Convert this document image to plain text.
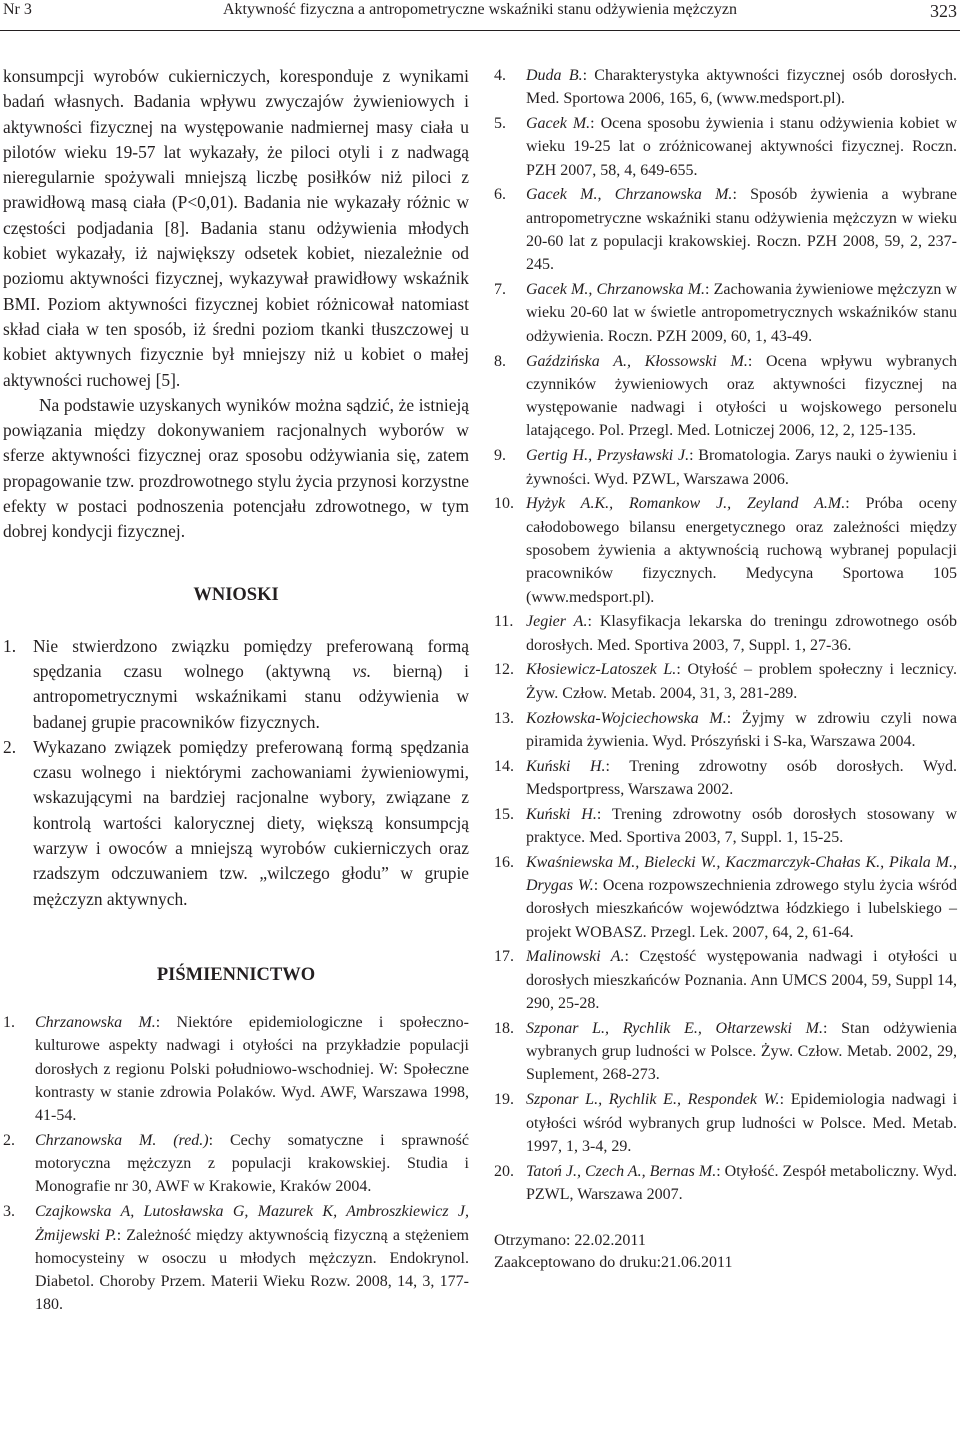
Nr 3	Aktywność fizyczna a antropometryczne wskaźniki stanu odżywienia mężczyzn	323

konsumpcji wyrobów cukierniczych, koresponduje z wynikami badań własnych. Badania wpływu zwyczajów żywieniowych i aktywności fizycznej na występowanie nadmiernej masy ciała u pilotów wieku 19-57 lat wykazały, że piloci otyli i z nadwagą nieregularnie spożywali mniejszą liczbę posiłków niż piloci z prawidłową masą ciała (P<0,01). Badania nie wykazały różnic w częstości podjadania [8]. Badania stanu odżywienia młodych kobiet wykazały, iż największy odsetek kobiet, niezależnie od poziomu aktywności fizycznej, wykazywał prawidłowy wskaźnik BMI. Poziom aktywności fizycznej kobiet różnicował natomiast skład ciała w ten sposób, iż średni poziom tkanki tłuszczowej u kobiet aktywnych fizycznie był mniejszy niż u kobiet o małej aktywności ruchowej [5].

Na podstawie uzyskanych wyników można sądzić, że istnieją powiązania między dokonywaniem racjonalnych wyborów w sferze aktywności fizycznej oraz sposobu odżywiania się, zatem propagowanie tzw. prozdrowotnego stylu życia przynosi korzystne efekty w postaci podnoszenia potencjału zdrowotnego, w tym dobrej kondycji fizycznej.

WNIOSKI
1. Nie stwierdzono związku pomiędzy preferowaną formą spędzania czasu wolnego (aktywną vs. bierną) i antropometrycznymi wskaźnikami stanu odżywienia w badanej grupie pracowników fizycznych.
2. Wykazano związek pomiędzy preferowaną formą spędzania czasu wolnego i niektórymi zachowaniami żywieniowymi, wskazującymi na bardziej racjonalne wybory, związane z kontrolą wartości kalorycznej diety, większą konsumpcją warzyw i owoców a mniejszą wyrobów cukierniczych oraz rzadszym odczuwaniem tzw. „wilczego głodu” w grupie mężczyzn aktywnych.
PIŚMIENNICTWO
1. Chrzanowska M.: Niektóre epidemiologiczne i społeczno-kulturowe aspekty nadwagi i otyłości na przykładzie populacji dorosłych z regionu Polski południowo-wschodniej. W: Społeczne kontrasty w stanie zdrowia Polaków. Wyd. AWF, Warszawa 1998, 41-54.
2. Chrzanowska M. (red.): Cechy somatyczne i sprawność motoryczna mężczyzn z populacji krakowskiej. Studia i Monografie nr 30, AWF w Krakowie, Kraków 2004.
3. Czajkowska A, Lutosławska G, Mazurek K, Ambroszkiewicz J, Żmijewski P.: Zależność między aktywnością fizyczną a stężeniem homocysteiny w osoczu u młodych mężczyzn. Endokrynol. Diabetol. Choroby Przem. Materii Wieku Rozw. 2008, 14, 3, 177-180.
4. Duda B.: Charakterystyka aktywności fizycznej osób dorosłych. Med. Sportowa 2006, 165, 6, (www.medsport.pl).
5. Gacek M.: Ocena sposobu żywienia i stanu odżywienia kobiet w wieku 19-25 lat o zróżnicowanej aktywności fizycznej. Roczn. PZH 2007, 58, 4, 649-655.
6. Gacek M., Chrzanowska M.: Sposób żywienia a wybrane antropometryczne wskaźniki stanu odżywienia mężczyzn w wieku 20-60 lat z populacji krakowskiej. Roczn. PZH 2008, 59, 2, 237-245.
7. Gacek M., Chrzanowska M.: Zachowania żywieniowe mężczyzn w wieku 20-60 lat w świetle antropometrycznych wskaźników stanu odżywienia. Roczn. PZH 2009, 60, 1, 43-49.
8. Gaździńska A., Kłossowski M.: Ocena wpływu wybranych czynników żywieniowych oraz aktywności fizycznej na występowanie nadwagi i otyłości u wojskowego personelu latającego. Pol. Przegl. Med. Lotniczej 2006, 12, 2, 125-135.
9. Gertig H., Przysławski J.: Bromatologia. Zarys nauki o żywieniu i żywności. Wyd. PZWL, Warszawa 2006.
10. Hyżyk A.K., Romankow J., Zeyland A.M.: Próba oceny całodobowego bilansu energetycznego oraz zależności między sposobem żywienia a aktywnością ruchową wybranej populacji pracowników fizycznych. Medycyna Sportowa 105 (www.medsport.pl).
11. Jegier A.: Klasyfikacja lekarska do treningu zdrowotnego osób dorosłych. Med. Sportiva 2003, 7, Suppl. 1, 27-36.
12. Kłosiewicz-Latoszek L.: Otyłość – problem społeczny i lecznicy. Żyw. Człow. Metab. 2004, 31, 3, 281-289.
13. Kozłowska-Wojciechowska M.: Żyjmy w zdrowiu czyli nowa piramida żywienia. Wyd. Prószyński i S-ka, Warszawa 2004.
14. Kuński H.: Trening zdrowotny osób dorosłych. Wyd. Medsportpress, Warszawa 2002.
15. Kuński H.: Trening zdrowotny osób dorosłych stosowany w praktyce. Med. Sportiva 2003, 7, Suppl. 1, 15-25.
16. Kwaśniewska M., Bielecki W., Kaczmarczyk-Chałas K., Pikala M., Drygas W.: Ocena rozpowszechnienia zdrowego stylu życia wśród dorosłych mieszkańców województwa łódzkiego i lubelskiego – projekt WOBASZ. Przegl. Lek. 2007, 64, 2, 61-64.
17. Malinowski A.: Częstość występowania nadwagi i otyłości u dorosłych mieszkańców Poznania. Ann UMCS 2004, 59, Suppl 14, 290, 25-28.
18. Szponar L., Rychlik E., Ołtarzewski M.: Stan odżywienia wybranych grup ludności w Polsce. Żyw. Człow. Metab. 2002, 29, Suplement, 268-273.
19. Szponar L., Rychlik E., Respondek W.: Epidemiologia nadwagi i otyłości wśród wybranych grup ludności w Polsce. Med. Metab. 1997, 1, 3-4, 29.
20. Tatoń J., Czech A., Bernas M.: Otyłość. Zespół metaboliczny. Wyd. PZWL, Warszawa 2007.
Otrzymano: 22.02.2011
Zaakceptowano do druku:21.06.2011
